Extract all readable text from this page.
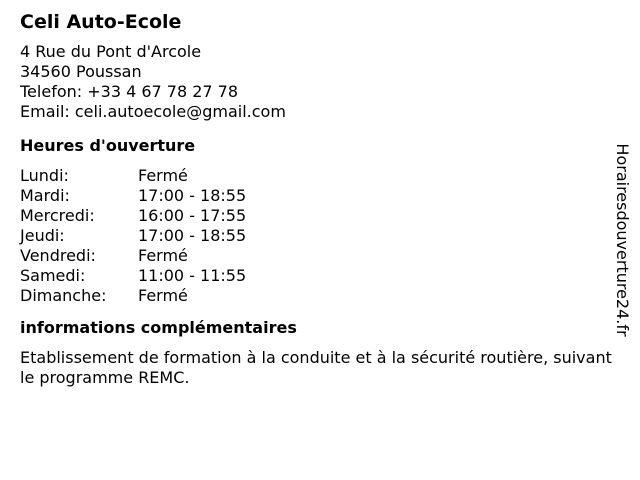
Celi Auto-Ecole
4 Rue du Pont d'Arcole
34560 Poussan
Telefon: +33 4 67 78 27 78
Email: celi.autoecole@gmail.com
Heures d'ouverture
Lundi:	Fermé
Mardi:	17:00 - 18:55
Mercredi:	16:00 - 17:55
Jeudi:	17:00 - 18:55
Vendredi:	Fermé
Samedi:	11:00 - 11:55
Dimanche:	Fermé
informations complémentaires
Etablissement de formation à la conduite et à la sécurité routière, suivant le programme REMC.
Horairesdouverture24.fr
